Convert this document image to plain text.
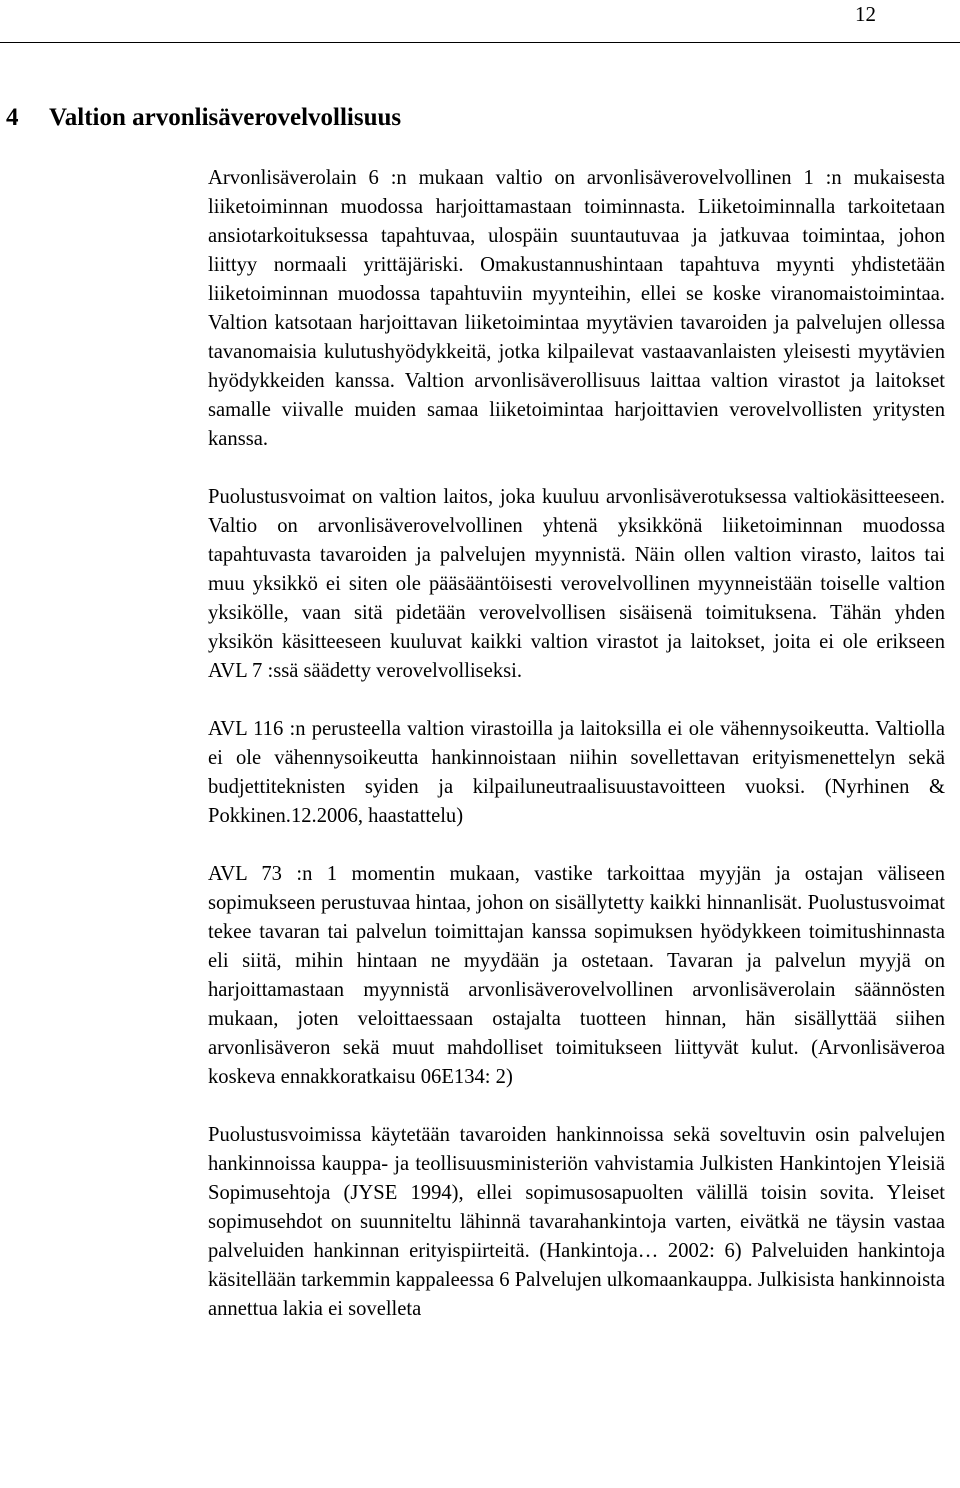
12
4 Valtion arvonlisäverovelvollisuus

Arvonlisäverolain 6 :n mukaan valtio on arvonlisäverovelvollinen 1 :n mukaisesta liiketoiminnan muodossa harjoittamastaan toiminnasta. Liiketoiminnalla tarkoitetaan ansiotarkoituksessa tapahtuvaa, ulospäin suuntautuvaa ja jatkuvaa toimintaa, johon liittyy normaali yrittäjäriski. Omakustannushintaan tapahtuva myynti yhdistetään liiketoiminnan muodossa tapahtuviin myynteihin, ellei se koske viranomaistoimintaa. Valtion katsotaan harjoittavan liiketoimintaa myytävien tavaroiden ja palvelujen ollessa tavanomaisia kulutushyödykkeitä, jotka kilpailevat vastaavanlaisten yleisesti myytävien hyödykkeiden kanssa. Valtion arvonlisäverollisuus laittaa valtion virastot ja laitokset samalle viivalle muiden samaa liiketoimintaa harjoittavien verovelvollisten yritysten kanssa.

Puolustusvoimat on valtion laitos, joka kuuluu arvonlisäverotuksessa valtiokäsitteeseen. Valtio on arvonlisäverovelvollinen yhtenä yksikkönä liiketoiminnan muodossa tapahtuvasta tavaroiden ja palvelujen myynnistä. Näin ollen valtion virasto, laitos tai muu yksikkö ei siten ole pääsääntöisesti verovelvollinen myynneistään toiselle valtion yksikölle, vaan sitä pidetään verovelvollisen sisäisenä toimituksena. Tähän yhden yksikön käsitteeseen kuuluvat kaikki valtion virastot ja laitokset, joita ei ole erikseen AVL 7 :ssä säädetty verovelvolliseksi.

AVL 116 :n perusteella valtion virastoilla ja laitoksilla ei ole vähennysoikeutta. Valtiolla ei ole vähennysoikeutta hankinnoistaan niihin sovellettavan erityismenettelyn sekä budjettiteknisten syiden ja kilpailuneutraalisuustavoitteen vuoksi. (Nyrhinen & Pokkinen.12.2006, haastattelu)

AVL 73 :n 1 momentin mukaan, vastike tarkoittaa myyjän ja ostajan väliseen sopimukseen perustuvaa hintaa, johon on sisällytetty kaikki hinnanlisät. Puolustusvoimat tekee tavaran tai palvelun toimittajan kanssa sopimuksen hyödykkeen toimitushinnasta eli siitä, mihin hintaan ne myydään ja ostetaan. Tavaran ja palvelun myyjä on harjoittamastaan myynnistä arvonlisäverovelvollinen arvonlisäverolain säännösten mukaan, joten veloittaessaan ostajalta tuotteen hinnan, hän sisällyttää siihen arvonlisäveron sekä muut mahdolliset toimitukseen liittyvät kulut. (Arvonlisäveroa koskeva ennakkoratkaisu 06E134: 2)

Puolustusvoimissa käytetään tavaroiden hankinnoissa sekä soveltuvin osin palvelujen hankinnoissa kauppa- ja teollisuusministeriön vahvistamia Julkisten Hankintojen Yleisiä Sopimusehtoja (JYSE 1994), ellei sopimusosapuolten välillä toisin sovita. Yleiset sopimusehdot on suunniteltu lähinnä tavarahankintoja varten, eivätkä ne täysin vastaa palveluiden hankinnan erityispiirteitä. (Hankintoja… 2002: 6) Palveluiden hankintoja käsitellään tarkemmin kappaleessa 6 Palvelujen ulkomaankauppa. Julkisista hankinnoista annettua lakia ei sovelleta
